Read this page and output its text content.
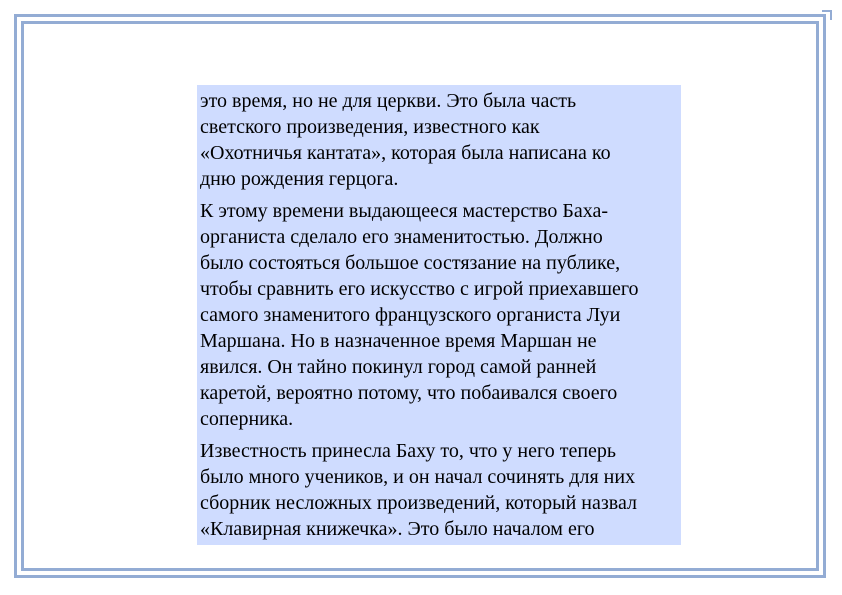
это время, но не для церкви. Это была часть
светского произведения, известного как
«Охотничья кантата», которая была написана ко
дню рождения герцога.

К этому времени выдающееся мастерство Баха-
органиста сделало его знаменитостью. Должно
было состояться большое состязание на публике,
чтобы сравнить его искусство с игрой приехавшего
самого знаменитого французского органиста Луи
Маршана. Но в назначенное время Маршан не
явился. Он тайно покинул город самой ранней
каретой, вероятно потому, что побаивался своего
соперника.

Известность принесла Баху то, что у него теперь
было много учеников, и он начал сочинять для них
сборник несложных произведений, который назвал
«Клавирная книжечка». Это было началом его
